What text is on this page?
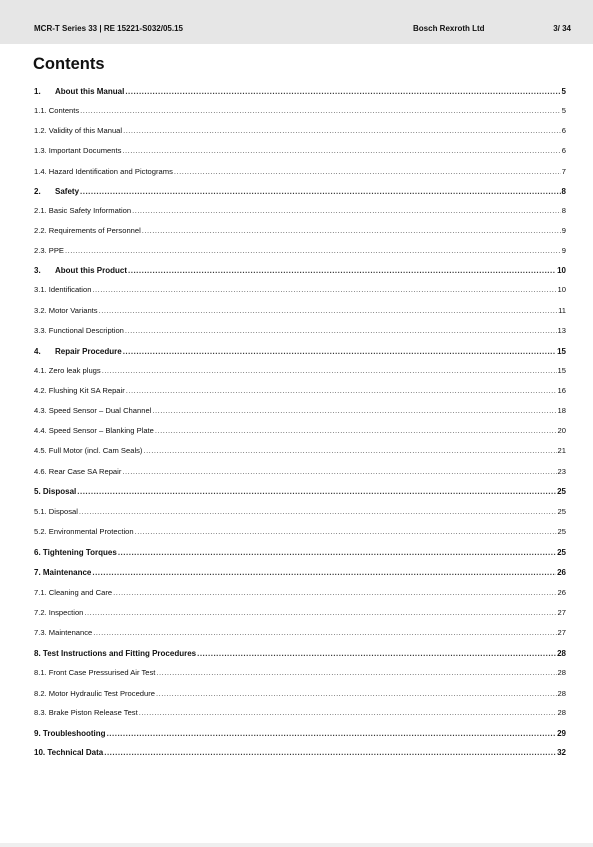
MCR-T Series 33 | RE 15221-S032/05.15	Bosch Rexroth Ltd	3/ 34
Contents
1.	About this Manual .....	5
1.1. Contents .....	5
1.2. Validity of this Manual .....	6
1.3. Important Documents .....	6
1.4. Hazard Identification and Pictograms .....	7
2.	Safety .....	8
2.1. Basic Safety Information .....	8
2.2. Requirements of Personnel .....	9
2.3. PPE .....	9
3.	About this Product .....	10
3.1. Identification .....	10
3.2. Motor Variants .....	11
3.3. Functional Description .....	13
4.	Repair Procedure .....	15
4.1. Zero leak plugs .....	15
4.2. Flushing Kit SA Repair .....	16
4.3. Speed Sensor – Dual Channel .....	18
4.4. Speed Sensor – Blanking Plate .....	20
4.5. Full Motor (incl. Cam Seals) .....	21
4.6. Rear Case SA Repair .....	23
5. Disposal .....	25
5.1. Disposal .....	25
5.2. Environmental Protection .....	25
6. Tightening Torques .....	25
7. Maintenance .....	26
7.1. Cleaning and Care .....	26
7.2. Inspection .....	27
7.3. Maintenance .....	27
8. Test Instructions and Fitting Procedures .....	28
8.1. Front Case Pressurised Air Test .....	28
8.2. Motor Hydraulic Test Procedure .....	28
8.3. Brake Piston Release Test .....	28
9. Troubleshooting .....	29
10. Technical Data .....	32
